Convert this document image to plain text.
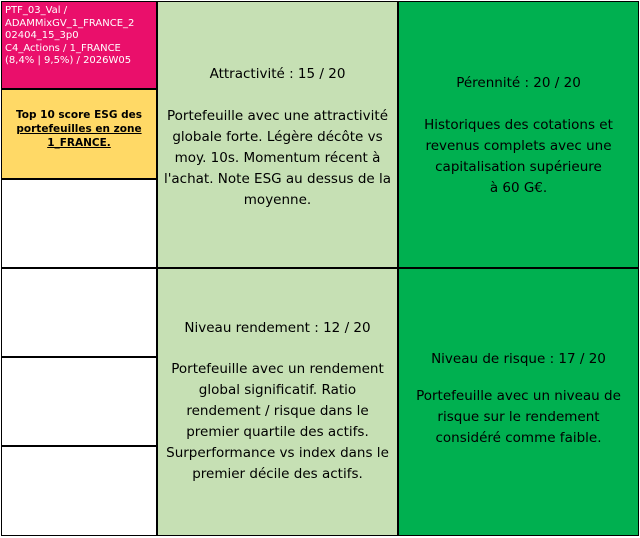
PTF_03_Val /
ADAMMixGV_1_FRANCE_2
02404_15_3p0
C4_Actions / 1_FRANCE
(8,4% | 9,5%) / 2026W05
Top 10 score ESG des
portefeuilles en zone
1_FRANCE.
Attractivité : 15 / 20
Portefeuille avec une attractivité
globale forte. Légère décôte vs
moy. 10s. Momentum récent à
l'achat. Note ESG au dessus de la
moyenne.
Pérennité : 20 / 20
Historiques des cotations et
revenus complets avec une
capitalisation supérieure
à 60 G€.
Niveau rendement : 12 / 20
Portefeuille avec un rendement
global significatif. Ratio
rendement / risque dans le
premier quartile des actifs.
Surperformance vs index dans le
premier décile des actifs.
Niveau de risque : 17 / 20
Portefeuille avec un niveau de
risque sur le rendement
considéré comme faible.
